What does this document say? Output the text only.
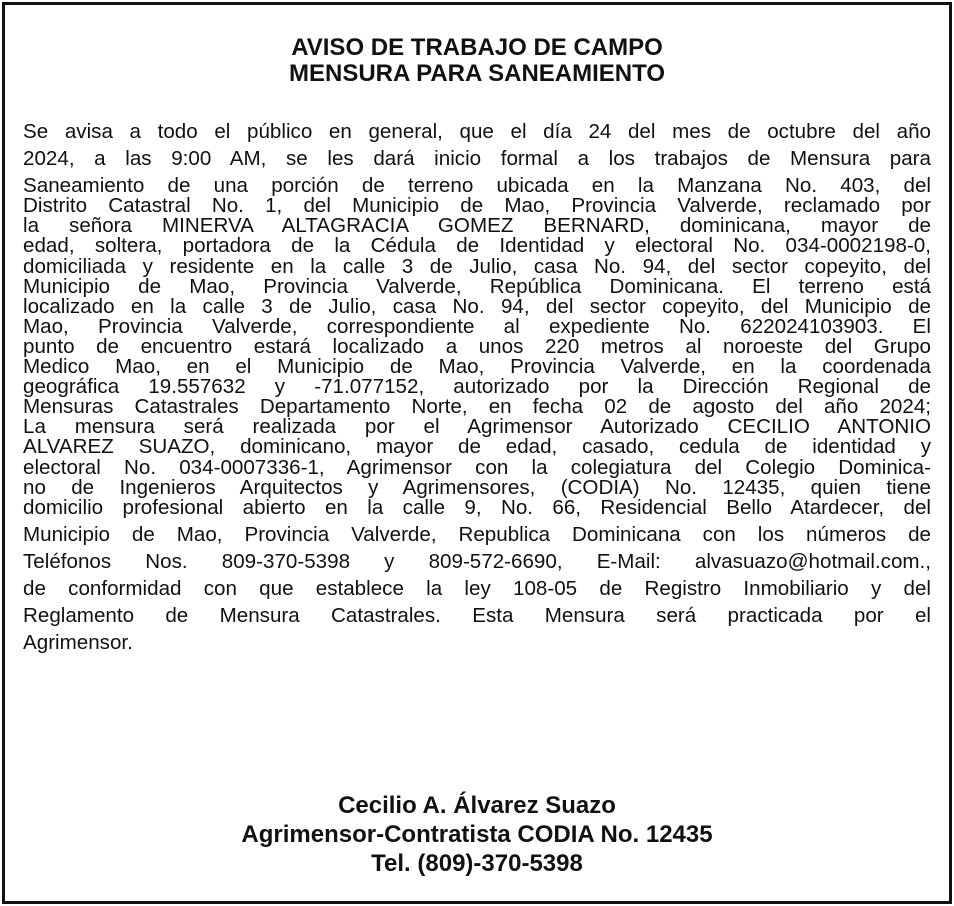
AVISO DE TRABAJO DE CAMPO
MENSURA PARA SANEAMIENTO
Se avisa a todo el público en general, que el día 24 del mes de octubre del año
2024, a las 9:00 AM, se les dará inicio formal a los trabajos de Mensura para
Saneamiento de una porción de terreno ubicada en la Manzana No. 403, del
Distrito Catastral No. 1, del Municipio de Mao, Provincia Valverde, reclamado por
la señora MINERVA ALTAGRACIA GOMEZ BERNARD, dominicana, mayor de
edad, soltera, portadora de la Cédula de Identidad y electoral No. 034-0002198-0,
domiciliada y residente en la calle 3 de Julio, casa No. 94, del sector copeyito, del
Municipio de Mao, Provincia Valverde, República Dominicana. El terreno está
localizado en la calle 3 de Julio, casa No. 94, del sector copeyito, del Municipio de
Mao, Provincia Valverde, correspondiente al expediente No. 622024103903. El
punto de encuentro estará localizado a unos 220 metros al noroeste del Grupo
Medico Mao, en el Municipio de Mao, Provincia Valverde, en la coordenada
geográfica 19.557632 y -71.077152, autorizado por la Dirección Regional de
Mensuras Catastrales Departamento Norte, en fecha 02 de agosto del año 2024;
La mensura será realizada por el Agrimensor Autorizado CECILIO ANTONIO
ALVAREZ SUAZO, dominicano, mayor de edad, casado, cedula de identidad y
electoral No. 034-0007336-1, Agrimensor con la colegiatura del Colegio Dominica-
no de Ingenieros Arquitectos y Agrimensores, (CODIA) No. 12435, quien tiene
domicilio profesional abierto en la calle 9, No. 66, Residencial Bello Atardecer, del
Municipio de Mao, Provincia Valverde, Republica Dominicana con los números de
Teléfonos Nos. 809-370-5398 y 809-572-6690, E-Mail: alvasuazo@hotmail.com.,
de conformidad con que establece la ley 108-05 de Registro Inmobiliario y del
Reglamento de Mensura Catastrales. Esta Mensura será practicada por el
Agrimensor.
Cecilio A. Álvarez Suazo
Agrimensor-Contratista CODIA No. 12435
Tel. (809)-370-5398
